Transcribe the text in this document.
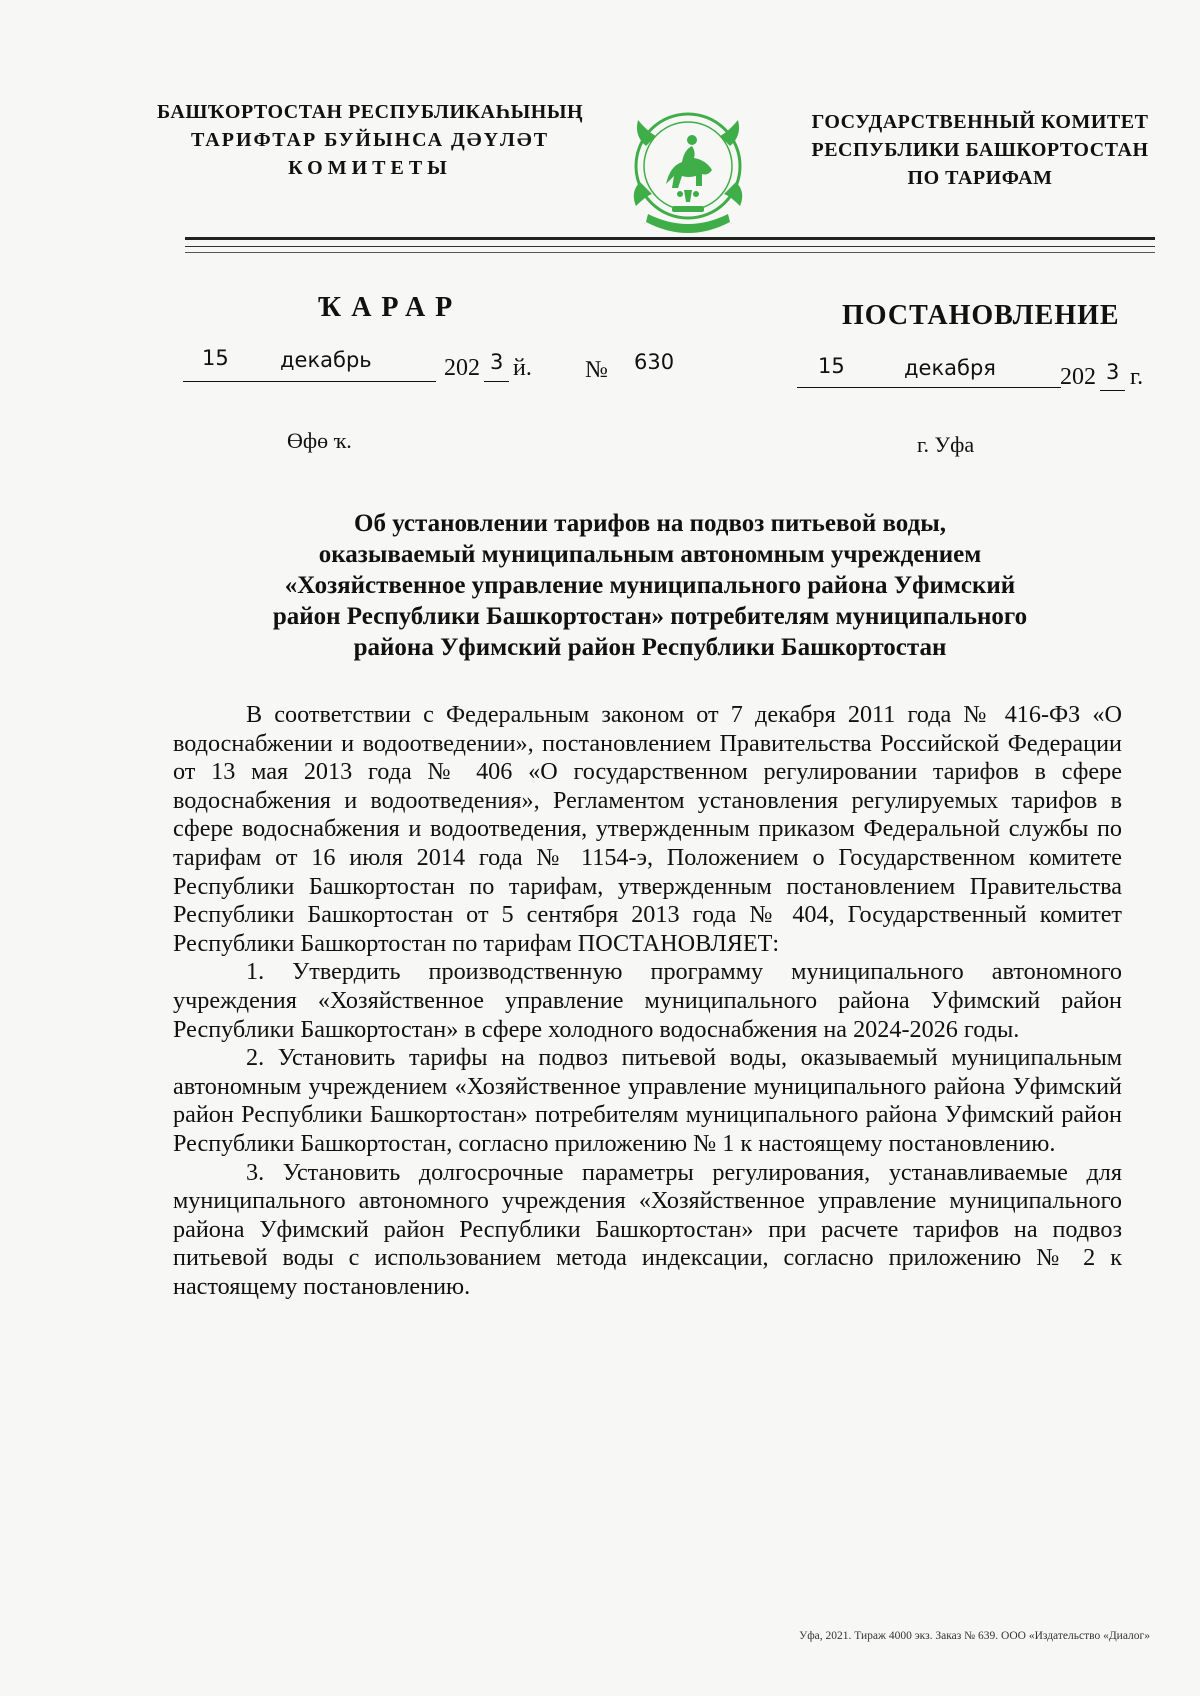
БАШҠОРТОСТАН РЕСПУБЛИКАҺЫНЫҢ
ТАРИФТАР БУЙЫНСА ДӘҮЛӘТ
КОМИТЕТЫ
ГОСУДАРСТВЕННЫЙ КОМИТЕТ
РЕСПУБЛИКИ БАШКОРТОСТАН
ПО ТАРИФАМ
ҠАРАР	ПОСТАНОВЛЕНИЕ
15 декабрь	202 3 й. № 630	15	декабря	202 3 г.
Өфө ҡ.	г. Уфа
Об установлении тарифов на подвоз питьевой воды,
оказываемый муниципальным автономным учреждением
«Хозяйственное управление муниципального района Уфимский
район Республики Башкортостан» потребителям муниципального
района Уфимский район Республики Башкортостан

В соответствии с Федеральным законом от 7 декабря 2011 года № 416-ФЗ «О водоснабжении и водоотведении», постановлением Правительства Российской Федерации от 13 мая 2013 года № 406 «О государственном регулировании тарифов в сфере водоснабжения и водоотведения», Регламентом установления регулируемых тарифов в сфере водоснабжения и водоотведения, утвержденным приказом Федеральной службы по тарифам от 16 июля 2014 года № 1154-э, Положением о Государственном комитете Республики Башкортостан по тарифам, утвержденным постановлением Правительства Республики Башкортостан от 5 сентября 2013 года № 404, Государственный комитет Республики Башкортостан по тарифам ПОСТАНОВЛЯЕТ:

1. Утвердить производственную программу муниципального автономного учреждения «Хозяйственное управление муниципального района Уфимский район Республики Башкортостан» в сфере холодного водоснабжения на 2024-2026 годы.

2. Установить тарифы на подвоз питьевой воды, оказываемый муниципальным автономным учреждением «Хозяйственное управление муниципального района Уфимский район Республики Башкортостан» потребителям муниципального района Уфимский район Республики Башкортостан, согласно приложению № 1 к настоящему постановлению.

3. Установить долгосрочные параметры регулирования, устанавливаемые для муниципального автономного учреждения «Хозяйственное управление муниципального района Уфимский район Республики Башкортостан» при расчете тарифов на подвоз питьевой воды с использованием метода индексации, согласно приложению № 2 к настоящему постановлению.

Уфа, 2021. Тираж 4000 экз. Заказ № 639. ООО «Издательство «Диалог»
